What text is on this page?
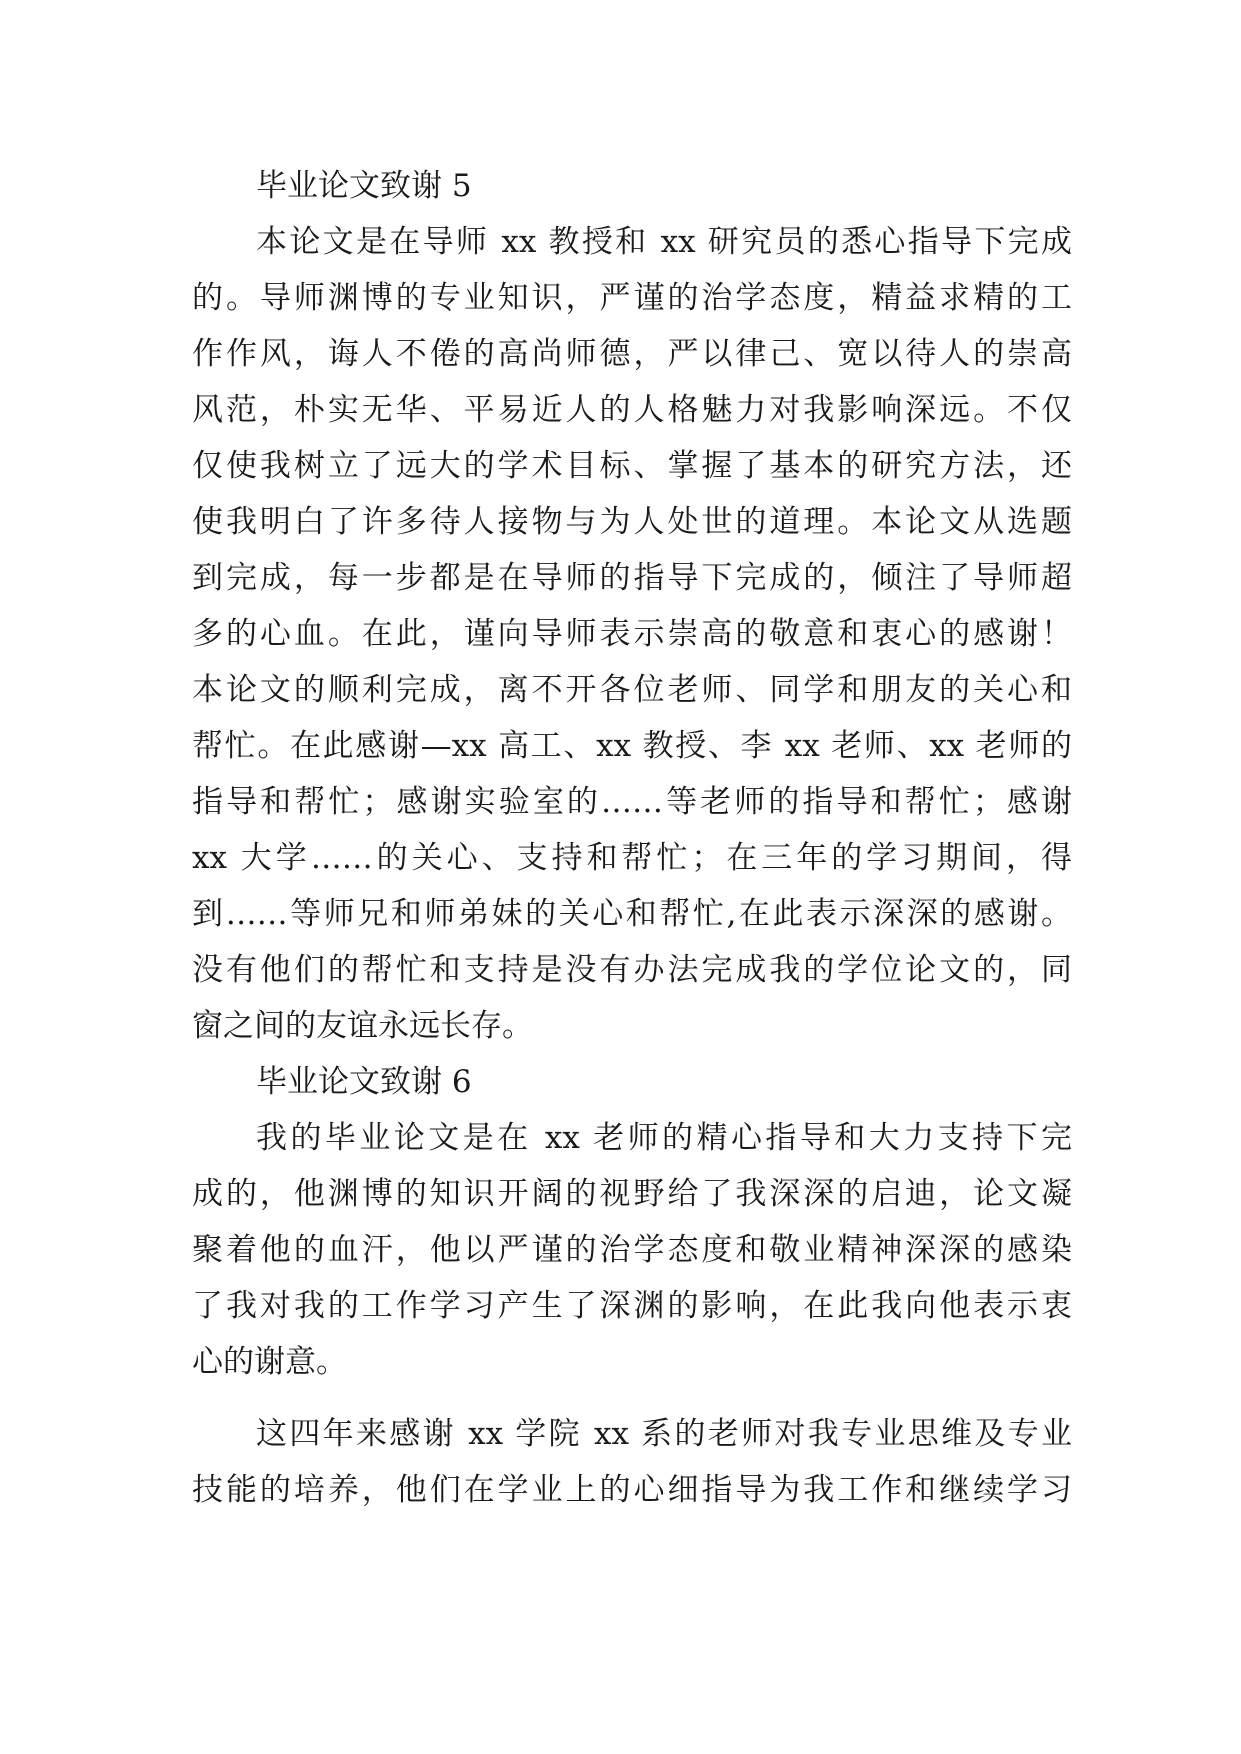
毕业论文致谢 5
本论文是在导师 xx 教授和 xx 研究员的悉心指导下完成
的。导师渊博的专业知识，严谨的治学态度，精益求精的工
作作风，诲人不倦的高尚师德，严以律己、宽以待人的崇高
风范，朴实无华、平易近人的人格魅力对我影响深远。不仅
仅使我树立了远大的学术目标、掌握了基本的研究方法，还
使我明白了许多待人接物与为人处世的道理。本论文从选题
到完成，每一步都是在导师的指导下完成的，倾注了导师超
多的心血。在此，谨向导师表示崇高的敬意和衷心的感谢！
本论文的顺利完成，离不开各位老师、同学和朋友的关心和
帮忙。在此感谢—xx 高工、xx 教授、李 xx 老师、xx 老师的
指导和帮忙；感谢实验室的……等老师的指导和帮忙；感谢
xx 大学……的关心、支持和帮忙；在三年的学习期间，得
到……等师兄和师弟妹的关心和帮忙,在此表示深深的感谢。
没有他们的帮忙和支持是没有办法完成我的学位论文的，同
窗之间的友谊永远长存。
毕业论文致谢 6
我的毕业论文是在 xx 老师的精心指导和大力支持下完
成的，他渊博的知识开阔的视野给了我深深的启迪，论文凝
聚着他的血汗，他以严谨的治学态度和敬业精神深深的感染
了我对我的工作学习产生了深渊的影响，在此我向他表示衷
心的谢意。
这四年来感谢 xx 学院 xx 系的老师对我专业思维及专业
技能的培养，他们在学业上的心细指导为我工作和继续学习
